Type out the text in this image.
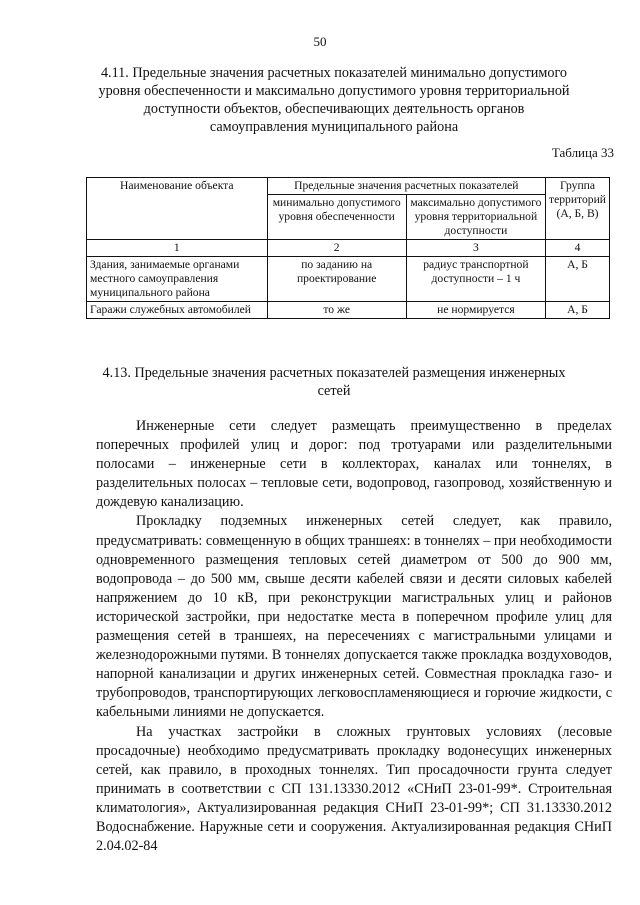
50
4.11. Предельные значения расчетных показателей минимально допустимого уровня обеспеченности и максимально допустимого уровня территориальной доступности объектов, обеспечивающих деятельность органов самоуправления муниципального района
Таблица 33
Наименование объекта	Предельные значения расчетных показателей		Группа территорий (А, Б, В)
	минимально допустимого уровня обеспеченности	максимально допустимого уровня территориальной доступности	
1	2	3	4
Здания, занимаемые органами местного самоуправления муниципального района	по заданию на проектирование	радиус транспортной доступности – 1 ч	А, Б
Гаражи служебных автомобилей	то же	не нормируется	А, Б
4.13. Предельные значения расчетных показателей размещения инженерных сетей

Инженерные сети следует размещать преимущественно в пределах поперечных профилей улиц и дорог: под тротуарами или разделительными полосами – инженерные сети в коллекторах, каналах или тоннелях, в разделительных полосах – тепловые сети, водопровод, газопровод, хозяйственную и дождевую канализацию.

Прокладку подземных инженерных сетей следует, как правило, предусматривать: совмещенную в общих траншеях: в тоннелях – при необходимости одновременного размещения тепловых сетей диаметром от 500 до 900 мм, водопровода – до 500 мм, свыше десяти кабелей связи и десяти силовых кабелей напряжением до 10 кВ, при реконструкции магистральных улиц и районов исторической застройки, при недостатке места в поперечном профиле улиц для размещения сетей в траншеях, на пересечениях с магистральными улицами и железнодорожными путями. В тоннелях допускается также прокладка воздуховодов, напорной канализации и других инженерных сетей. Совместная прокладка газо- и трубопроводов, транспортирующих легковоспламеняющиеся и горючие жидкости, с кабельными линиями не допускается.

На участках застройки в сложных грунтовых условиях (лесовые просадочные) необходимо предусматривать прокладку водонесущих инженерных сетей, как правило, в проходных тоннелях. Тип просадочности грунта следует принимать в соответствии с СП 131.13330.2012 «СНиП 23-01-99*. Строительная климатология», Актуализированная редакция СНиП 23-01-99*; СП 31.13330.2012 Водоснабжение. Наружные сети и сооружения. Актуализированная редакция СНиП 2.04.02-84
